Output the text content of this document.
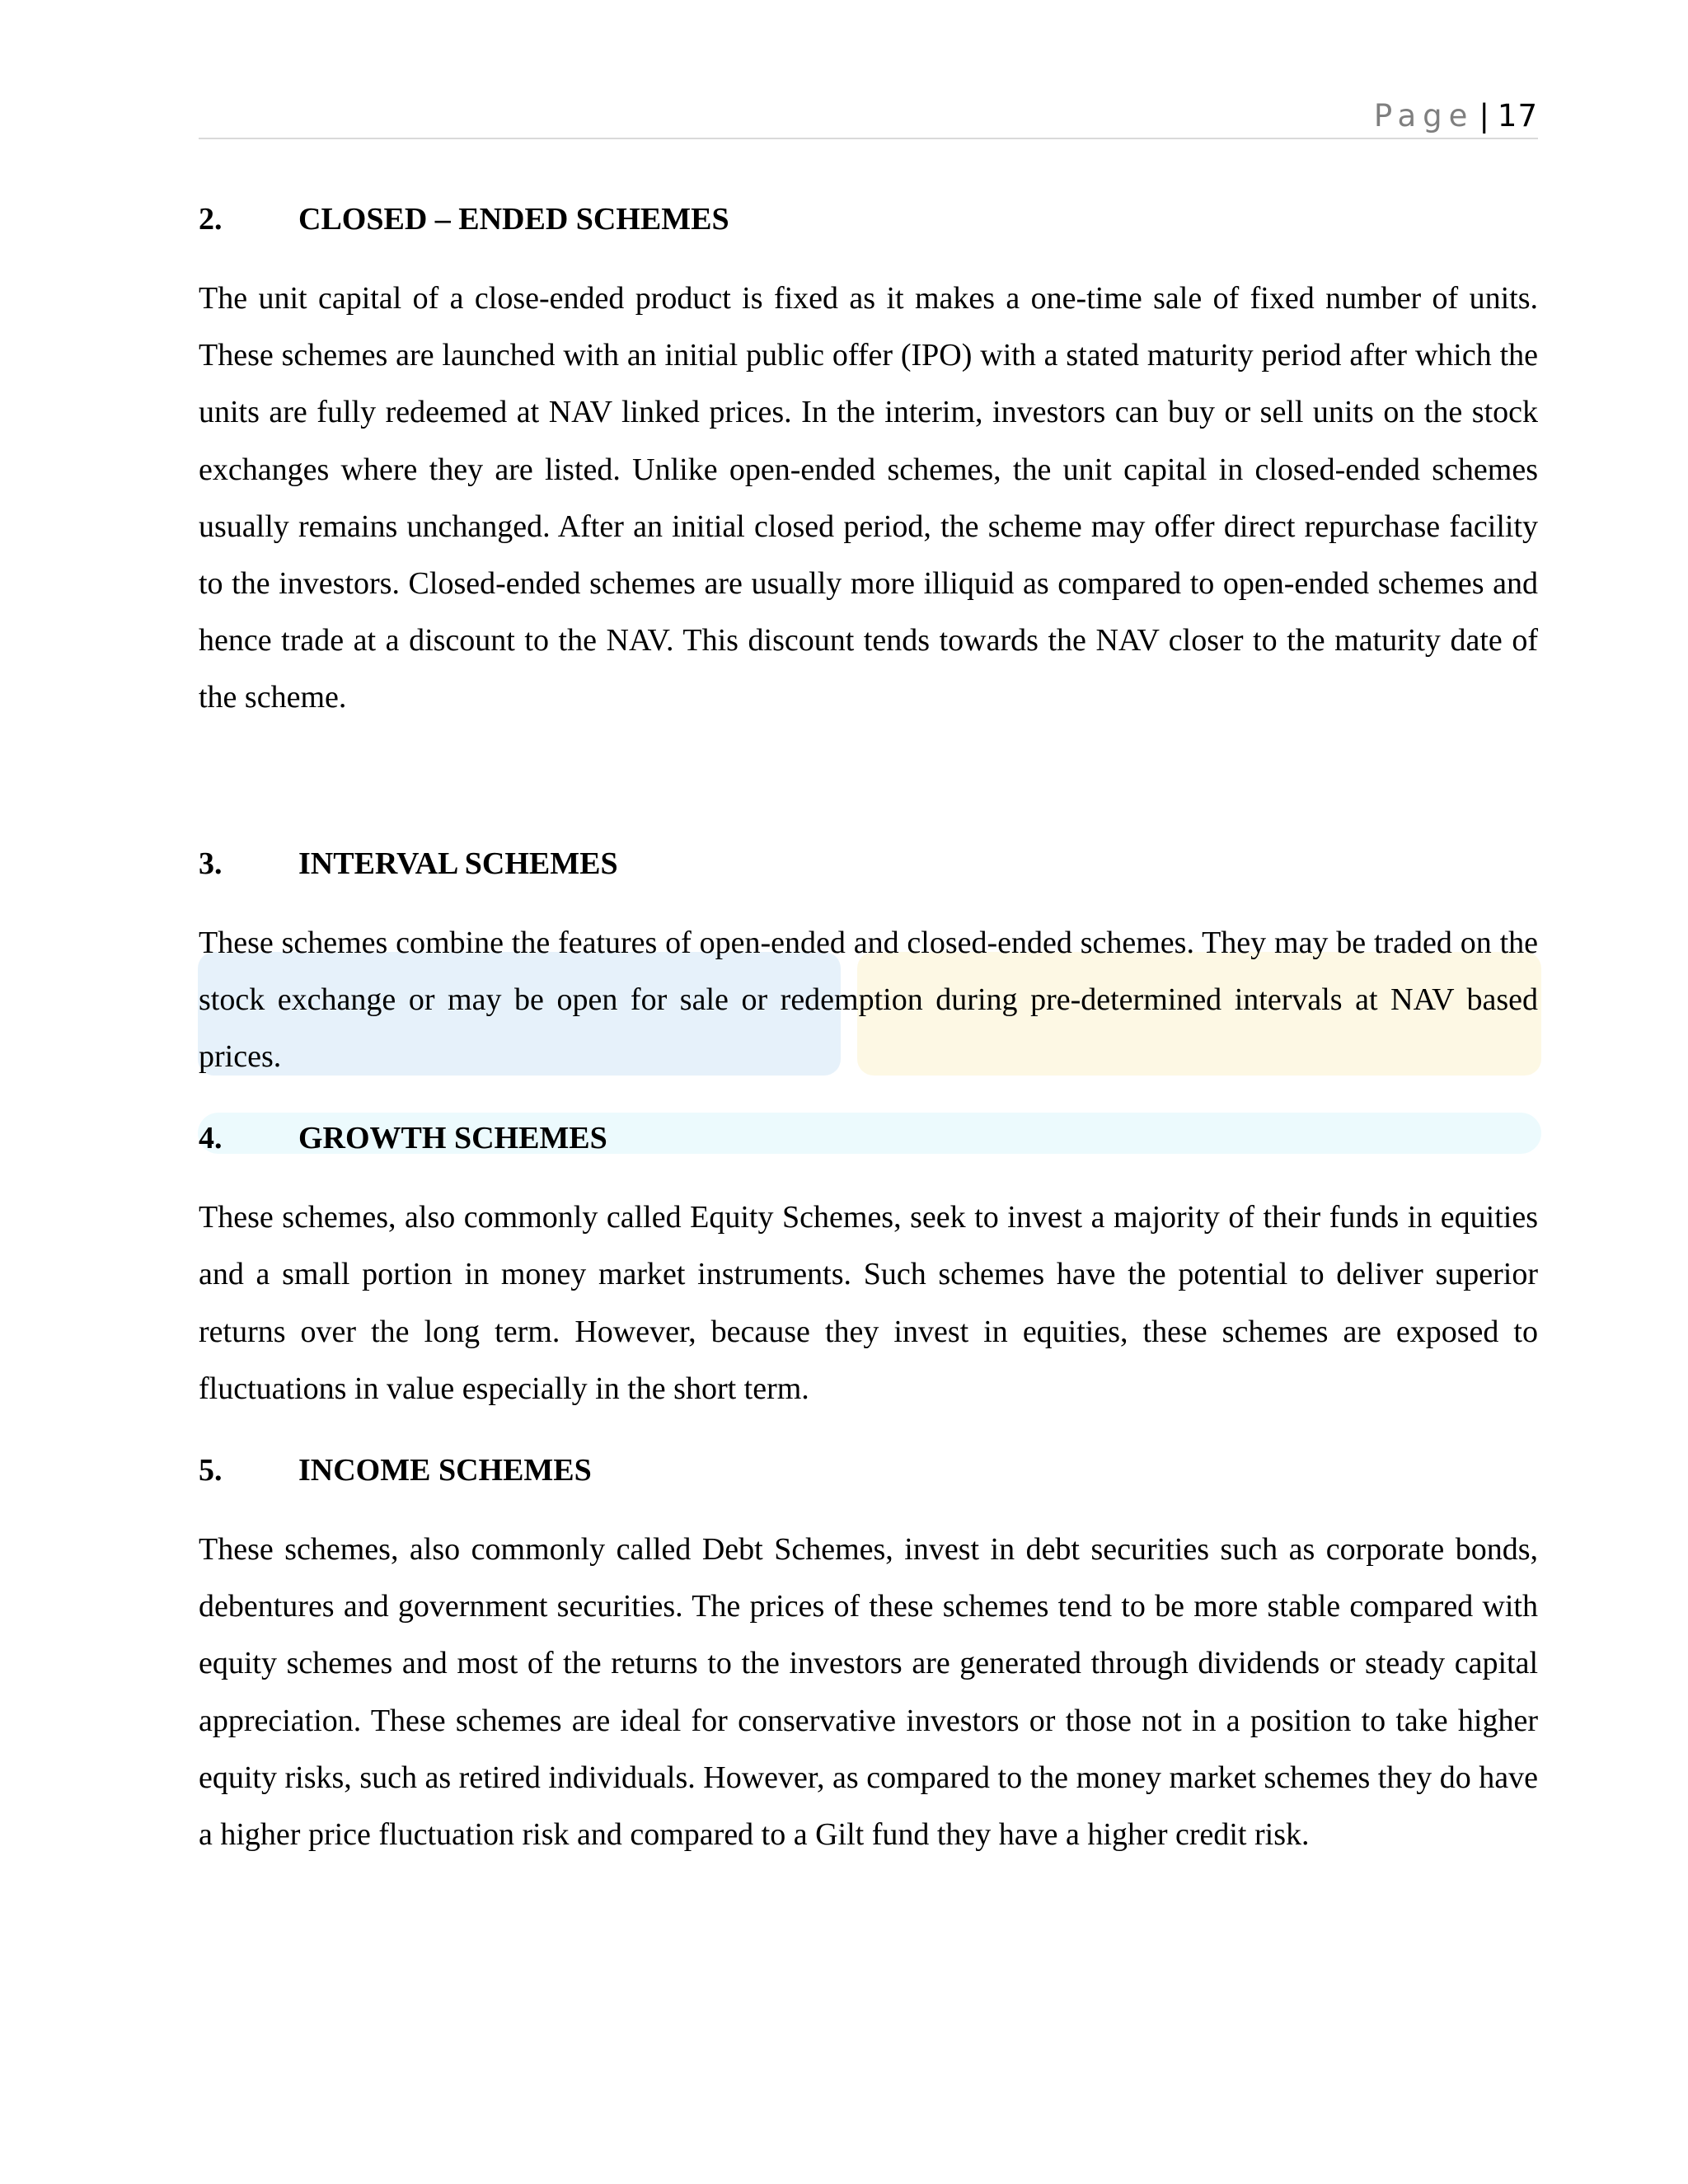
Page | 17
2.	CLOSED – ENDED SCHEMES

The unit capital of a close-ended product is fixed as it makes a one-time sale of fixed number of units. These schemes are launched with an initial public offer (IPO) with a stated maturity period after which the units are fully redeemed at NAV linked prices. In the interim, investors can buy or sell units on the stock exchanges where they are listed. Unlike open-ended schemes, the unit capital in closed-ended schemes usually remains unchanged. After an initial closed period, the scheme may offer direct repurchase facility to the investors. Closed-ended schemes are usually more illiquid as compared to open-ended schemes and hence trade at a discount to the NAV. This discount tends towards the NAV closer to the maturity date of the scheme.

3.	INTERVAL SCHEMES

These schemes combine the features of open-ended and closed-ended schemes. They may be traded on the stock exchange or may be open for sale or redemption during pre-determined intervals at NAV based prices.

4.	GROWTH SCHEMES

These schemes, also commonly called Equity Schemes, seek to invest a majority of their funds in equities and a small portion in money market instruments. Such schemes have the potential to deliver superior returns over the long term. However, because they invest in equities, these schemes are exposed to fluctuations in value especially in the short term.

5.	INCOME SCHEMES

These schemes, also commonly called Debt Schemes, invest in debt securities such as corporate bonds, debentures and government securities. The prices of these schemes tend to be more stable compared with equity schemes and most of the returns to the investors are generated through dividends or steady capital appreciation. These schemes are ideal for conservative investors or those not in a position to take higher equity risks, such as retired individuals. However, as compared to the money market schemes they do have a higher price fluctuation risk and compared to a Gilt fund they have a higher credit risk.
